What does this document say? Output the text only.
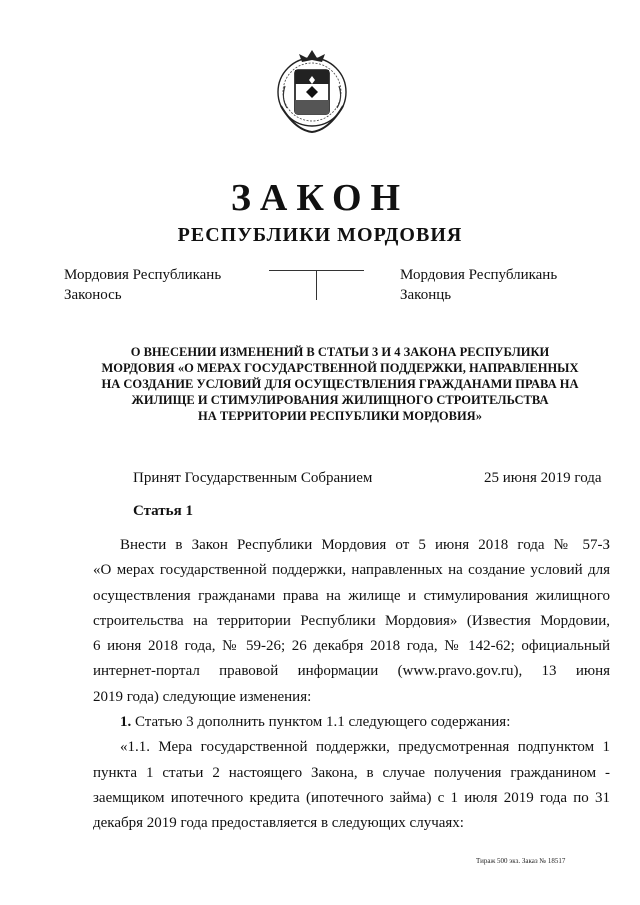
ЗАКОН
РЕСПУБЛИКИ МОРДОВИЯ
Мордовия Республикань
Законось
Мордовия Республикань
Законць
О ВНЕСЕНИИ ИЗМЕНЕНИЙ В СТАТЬИ 3 И 4 ЗАКОНА РЕСПУБЛИКИ
МОРДОВИЯ «О МЕРАХ ГОСУДАРСТВЕННОЙ ПОДДЕРЖКИ, НАПРАВЛЕННЫХ
НА СОЗДАНИЕ УСЛОВИЙ ДЛЯ ОСУЩЕСТВЛЕНИЯ ГРАЖДАНАМИ ПРАВА НА
ЖИЛИЩЕ И СТИМУЛИРОВАНИЯ ЖИЛИЩНОГО СТРОИТЕЛЬСТВА
НА ТЕРРИТОРИИ РЕСПУБЛИКИ МОРДОВИЯ»
Принят Государственным Собранием	25 июня 2019 года
Статья 1
Внести в Закон Республики Мордовия от 5 июня 2018 года № 57-З
«О мерах государственной поддержки, направленных на создание условий для
осуществления гражданами права на жилище и стимулирования жилищного
строительства на территории Республики Мордовия» (Известия Мордовии,
6 июня 2018 года, № 59-26; 26 декабря 2018 года, № 142-62; официальный
интернет-портал правовой информации (www.pravo.gov.ru), 13 июня
2019 года) следующие изменения:
1. Статью 3 дополнить пунктом 1.1 следующего содержания:
«1.1. Мера государственной поддержки, предусмотренная подпунктом 1
пункта 1 статьи 2 настоящего Закона, в случае получения гражданином -
заемщиком ипотечного кредита (ипотечного займа) с 1 июля 2019 года по 31
декабря 2019 года предоставляется в следующих случаях:
Тираж 500 экз. Заказ № 18517
